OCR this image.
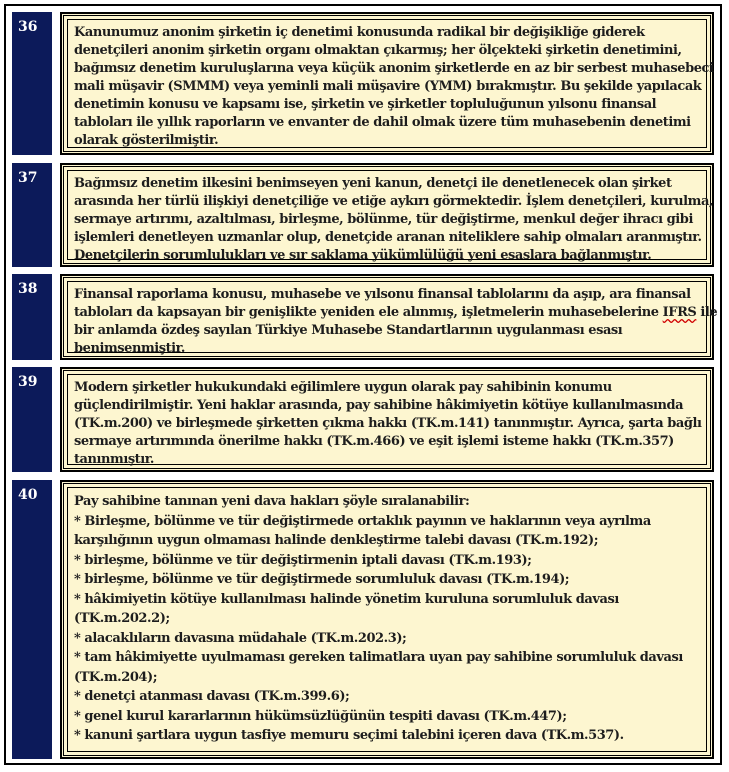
36	Kanunumuz anonim şirketin iç denetimi konusunda radikal bir değişikliğe giderek
denetçileri anonim şirketin organı olmaktan çıkarmış; her ölçekteki şirketin denetimini,
bağımsız denetim kuruluşlarına veya küçük anonim şirketlerde en az bir serbest muhasebeci
mali müşavir (SMMM) veya yeminli mali müşavire (YMM) bırakmıştır. Bu şekilde yapılacak
denetimin konusu ve kapsamı ise, şirketin ve şirketler topluluğunun yılsonu finansal
tabloları ile yıllık raporların ve envanter de dahil olmak üzere tüm muhasebenin denetimi
olarak gösterilmiştir.
37	Bağımsız denetim ilkesini benimseyen yeni kanun, denetçi ile denetlenecek olan şirket
arasında her türlü ilişkiyi denetçiliğe ve etiğe aykırı görmektedir. İşlem denetçileri, kurulma,
sermaye artırımı, azaltılması, birleşme, bölünme, tür değiştirme, menkul değer ihracı gibi
işlemleri denetleyen uzmanlar olup, denetçide aranan niteliklere sahip olmaları aranmıştır.
Denetçilerin sorumlulukları ve sır saklama yükümlülüğü yeni esaslara bağlanmıştır.
38	Finansal raporlama konusu, muhasebe ve yılsonu finansal tablolarını da aşıp, ara finansal
tabloları da kapsayan bir genişlikte yeniden ele alınmış, işletmelerin muhasebelerine IFRS ile
bir anlamda özdeş sayılan Türkiye Muhasebe Standartlarının uygulanması esası
benimsenmiştir.
39	Modern şirketler hukukundaki eğilimlere uygun olarak pay sahibinin konumu
güçlendirilmiştir. Yeni haklar arasında, pay sahibine hâkimiyetin kötüye kullanılmasında
(TK.m.200) ve birleşmede şirketten çıkma hakkı (TK.m.141) tanınmıştır. Ayrıca, şarta bağlı
sermaye artırımında önerilme hakkı (TK.m.466) ve eşit işlemi isteme hakkı (TK.m.357)
tanınmıştır.
40	Pay sahibine tanınan yeni dava hakları şöyle sıralanabilir:
* Birleşme, bölünme ve tür değiştirmede ortaklık payının ve haklarının veya ayrılma
karşılığının uygun olmaması halinde denkleştirme talebi davası (TK.m.192);
* birleşme, bölünme ve tür değiştirmenin iptali davası (TK.m.193);
* birleşme, bölünme ve tür değiştirmede sorumluluk davası (TK.m.194);
* hâkimiyetin kötüye kullanılması halinde yönetim kuruluna sorumluluk davası
(TK.m.202.2);
* alacaklıların davasına müdahale (TK.m.202.3);
* tam hâkimiyette uyulmaması gereken talimatlara uyan pay sahibine sorumluluk davası
(TK.m.204);
* denetçi atanması davası (TK.m.399.6);
* genel kurul kararlarının hükümsüzlüğünün tespiti davası (TK.m.447);
* kanuni şartlara uygun tasfiye memuru seçimi talebini içeren dava (TK.m.537).
